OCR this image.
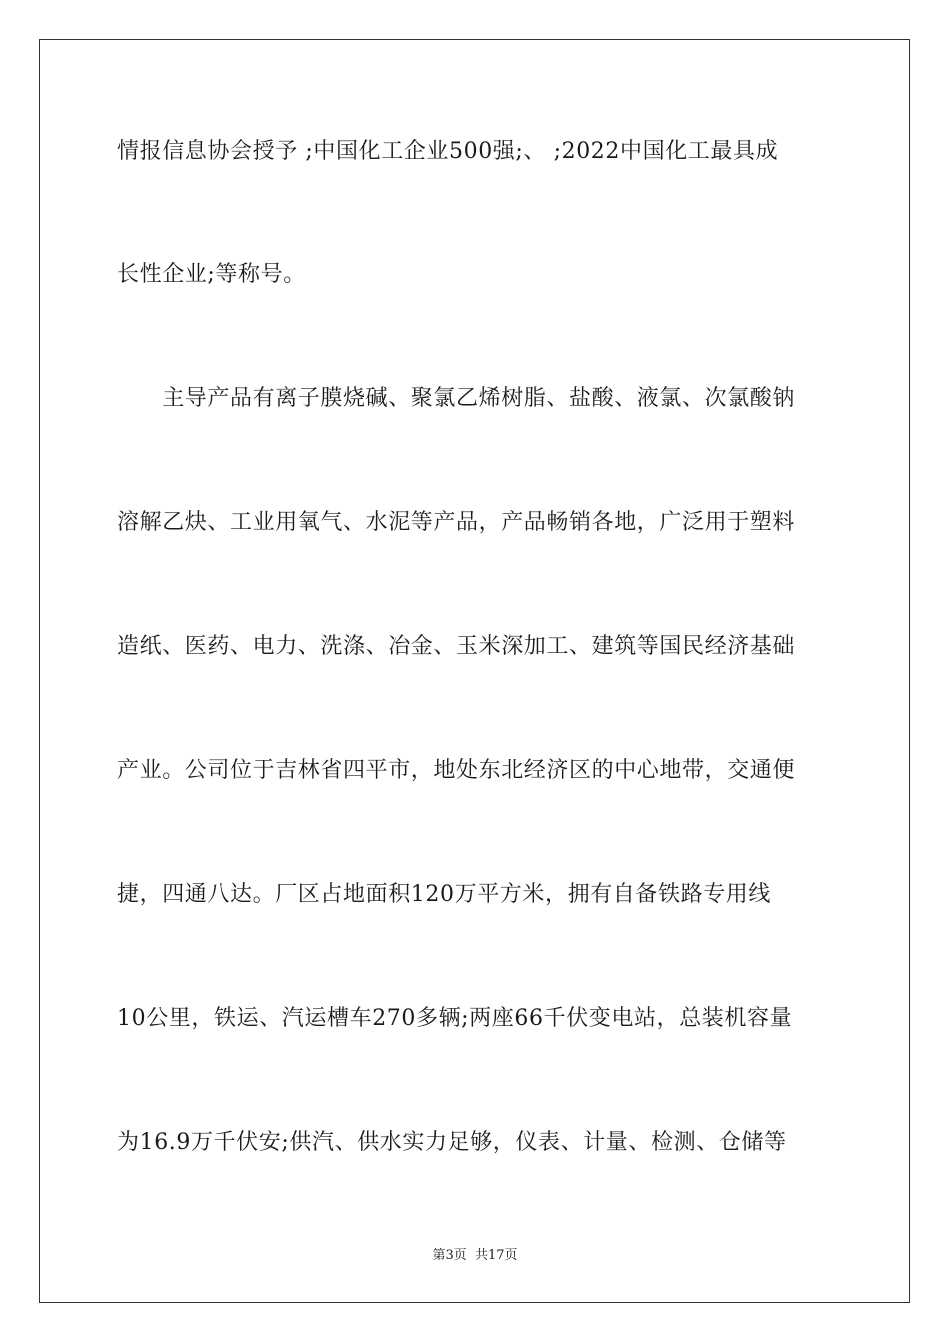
情报信息协会授予 ;中国化工企业500强;、 ;2022中国化工最具成
长性企业;等称号。
　　主导产品有离子膜烧碱、聚氯乙烯树脂、盐酸、液氯、次氯酸钠
溶解乙炔、工业用氧气、水泥等产品，产品畅销各地，广泛用于塑料
造纸、医药、电力、洗涤、冶金、玉米深加工、建筑等国民经济基础
产业。公司位于吉林省四平市，地处东北经济区的中心地带，交通便
捷，四通八达。厂区占地面积120万平方米，拥有自备铁路专用线
10公里，铁运、汽运槽车270多辆;两座66千伏变电站，总装机容量
为16.9万千伏安;供汽、供水实力足够，仪表、计量、检测、仓储等
第3页 共17页
